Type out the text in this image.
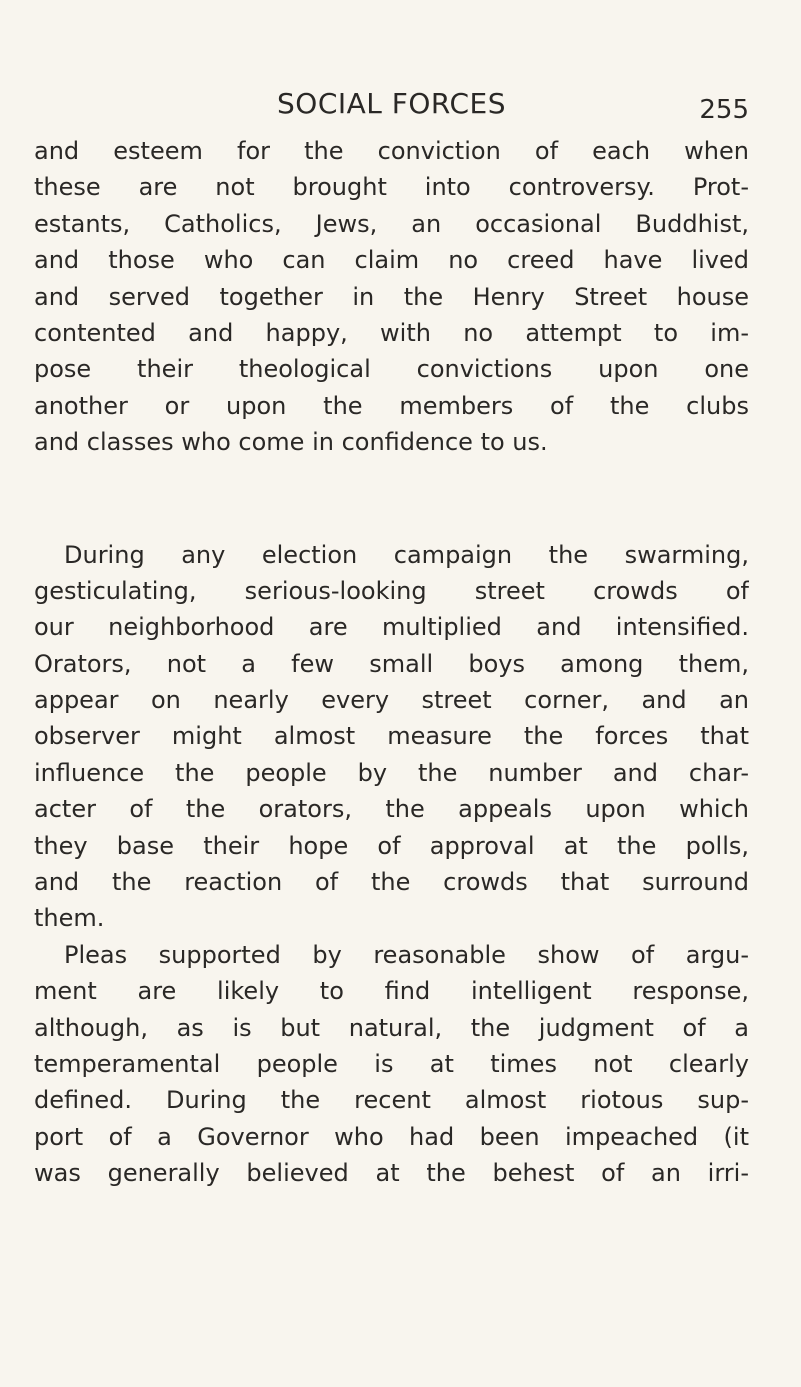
SOCIAL FORCES	255
and esteem for the conviction of each when
these are not brought into controversy. Prot-
estants, Catholics, Jews, an occasional Buddhist,
and those who can claim no creed have lived
and served together in the Henry Street house
contented and happy, with no attempt to im-
pose their theological convictions upon one
another or upon the members of the clubs
and classes who come in confidence to us.
During any election campaign the swarming,
gesticulating, serious-looking street crowds of
our neighborhood are multiplied and intensified.
Orators, not a few small boys among them,
appear on nearly every street corner, and an
observer might almost measure the forces that
influence the people by the number and char-
acter of the orators, the appeals upon which
they base their hope of approval at the polls,
and the reaction of the crowds that surround
them.
Pleas supported by reasonable show of argu-
ment are likely to find intelligent response,
although, as is but natural, the judgment of a
temperamental people is at times not clearly
defined. During the recent almost riotous sup-
port of a Governor who had been impeached (it
was generally believed at the behest of an irri-
